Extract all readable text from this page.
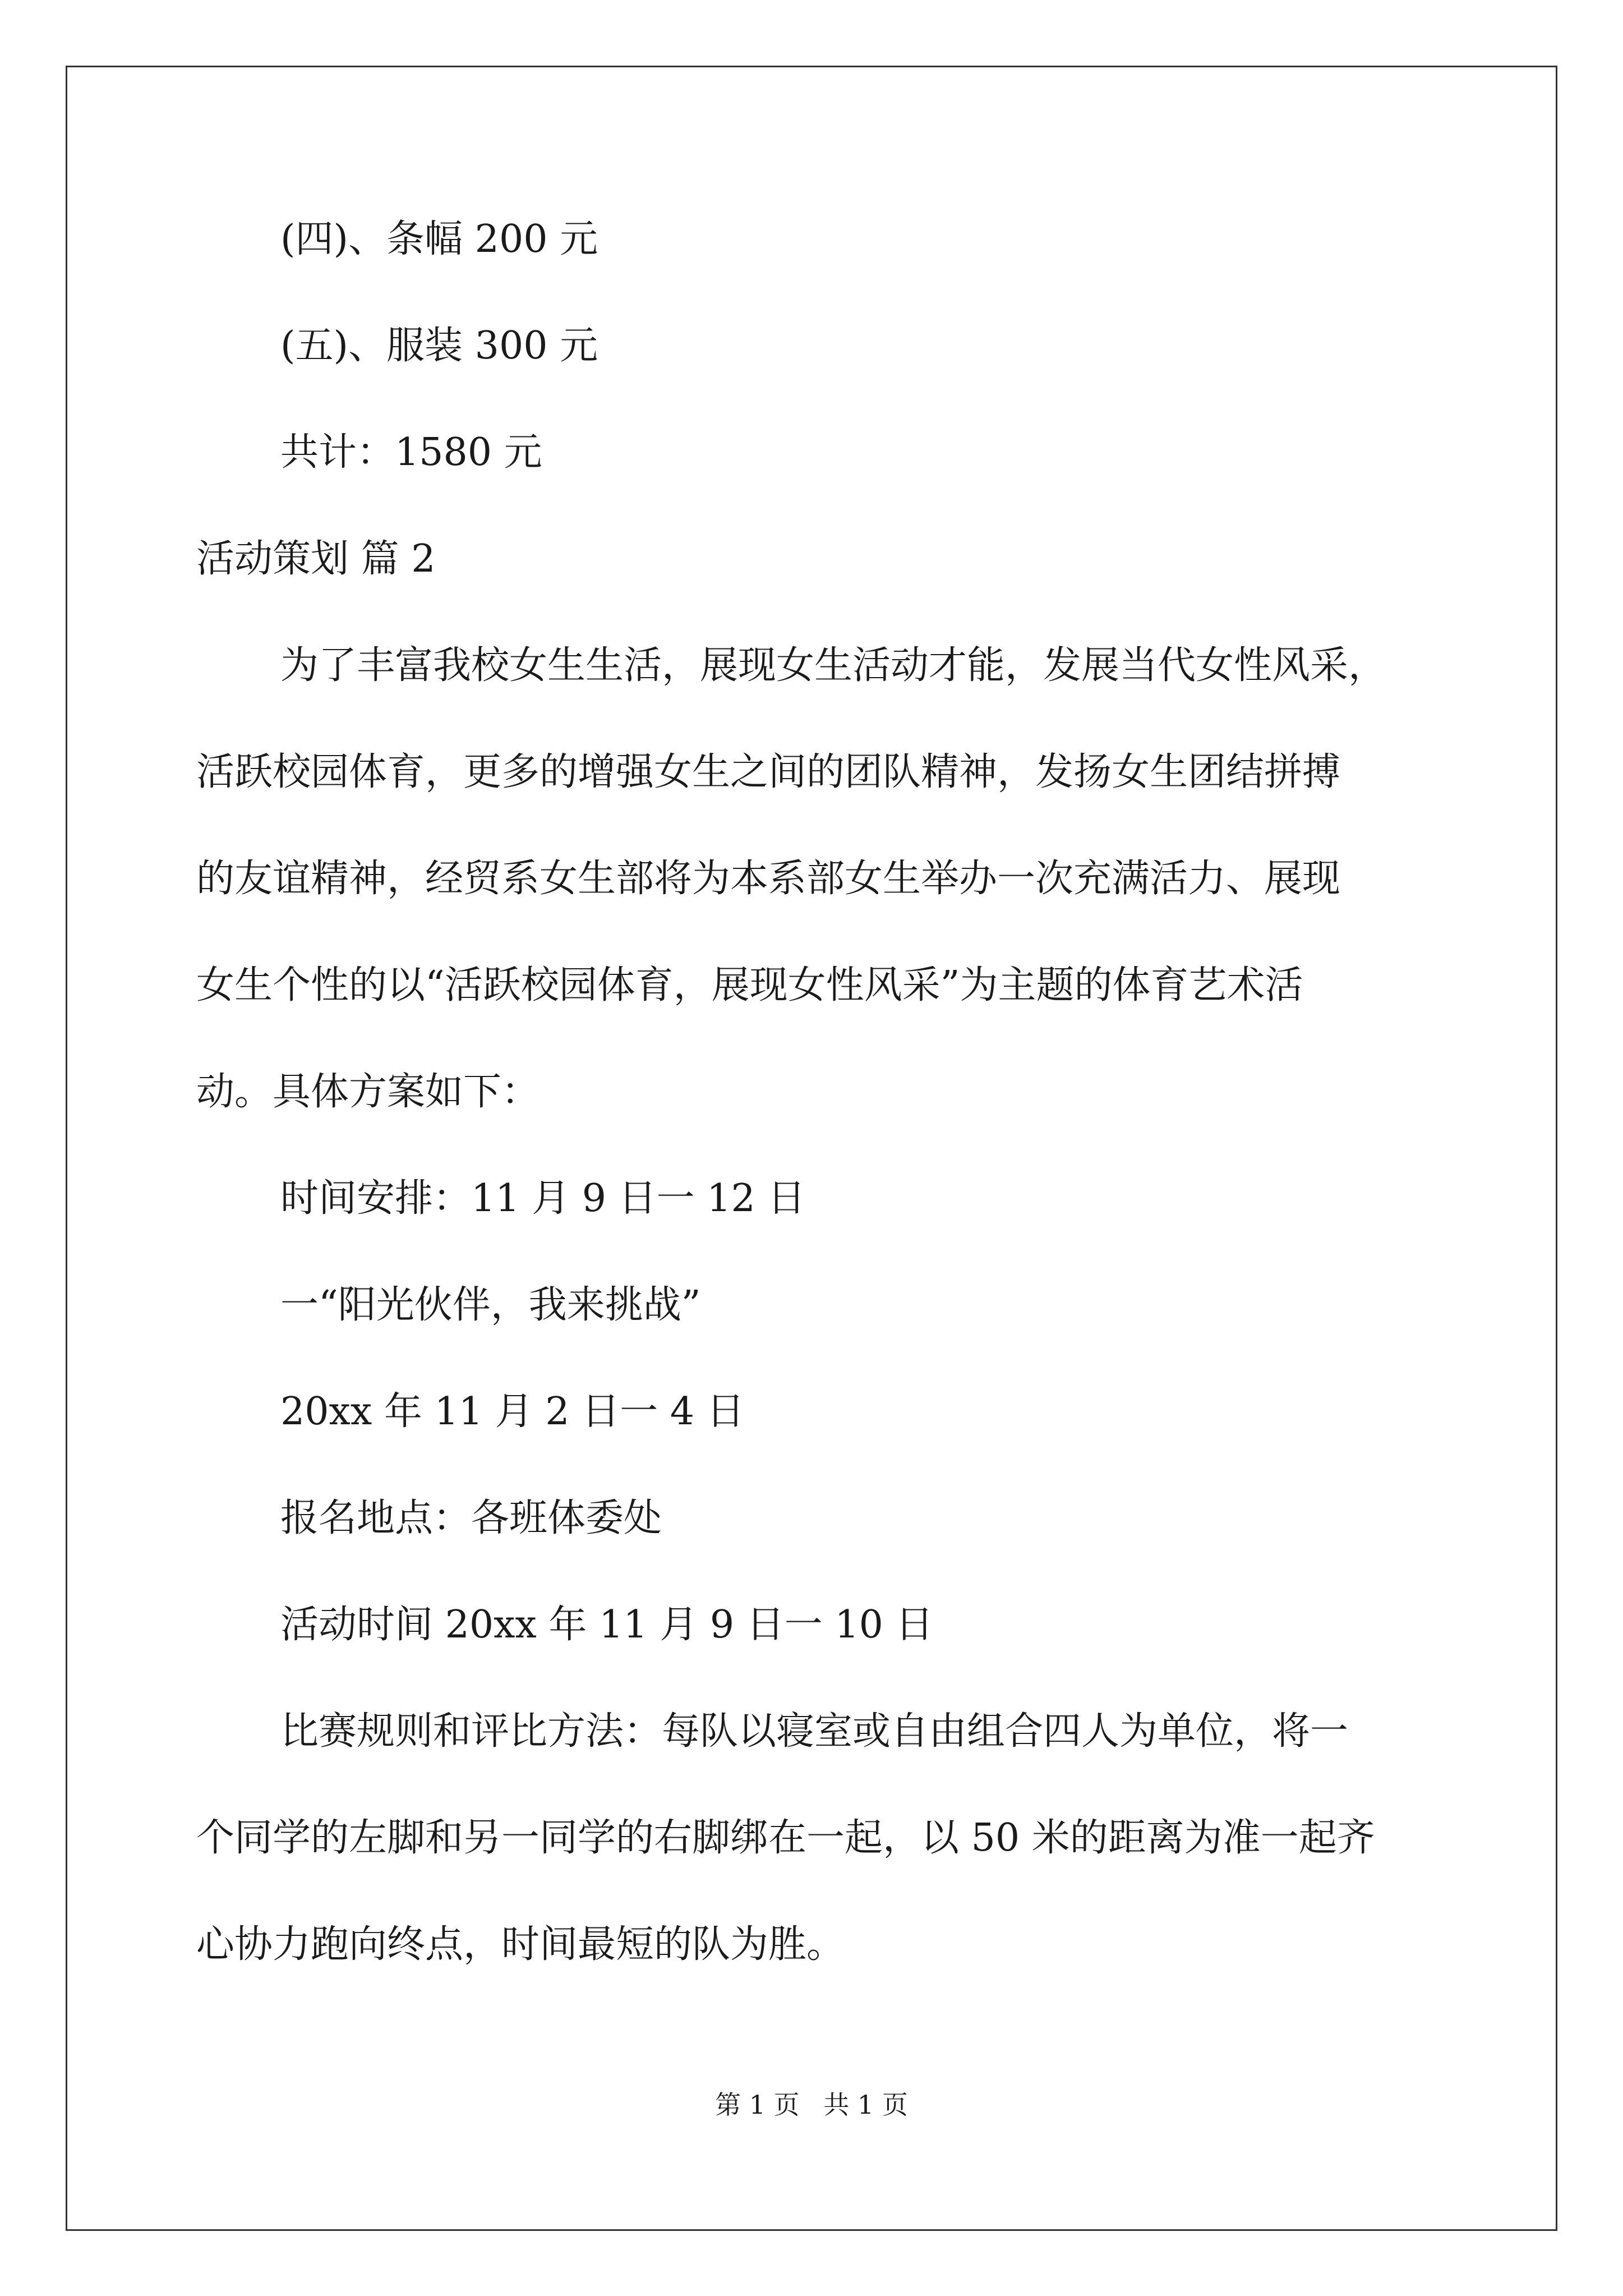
(四)、条幅 200 元
(五)、服装 300 元
共计：1580 元
活动策划 篇 2
为了丰富我校女生生活，展现女生活动才能，发展当代女性风采，
活跃校园体育，更多的增强女生之间的团队精神，发扬女生团结拼搏
的友谊精神，经贸系女生部将为本系部女生举办一次充满活力、展现
女生个性的以“活跃校园体育，展现女性风采”为主题的体育艺术活
动。具体方案如下：
时间安排：11 月 9 日一 12 日
一“阳光伙伴，我来挑战”
20xx 年 11 月 2 日一 4 日
报名地点：各班体委处
活动时间 20xx 年 11 月 9 日一 10 日
比赛规则和评比方法：每队以寝室或自由组合四人为单位，将一
个同学的左脚和另一同学的右脚绑在一起，以 50 米的距离为准一起齐
心协力跑向终点，时间最短的队为胜。
第 1 页 共 1 页
